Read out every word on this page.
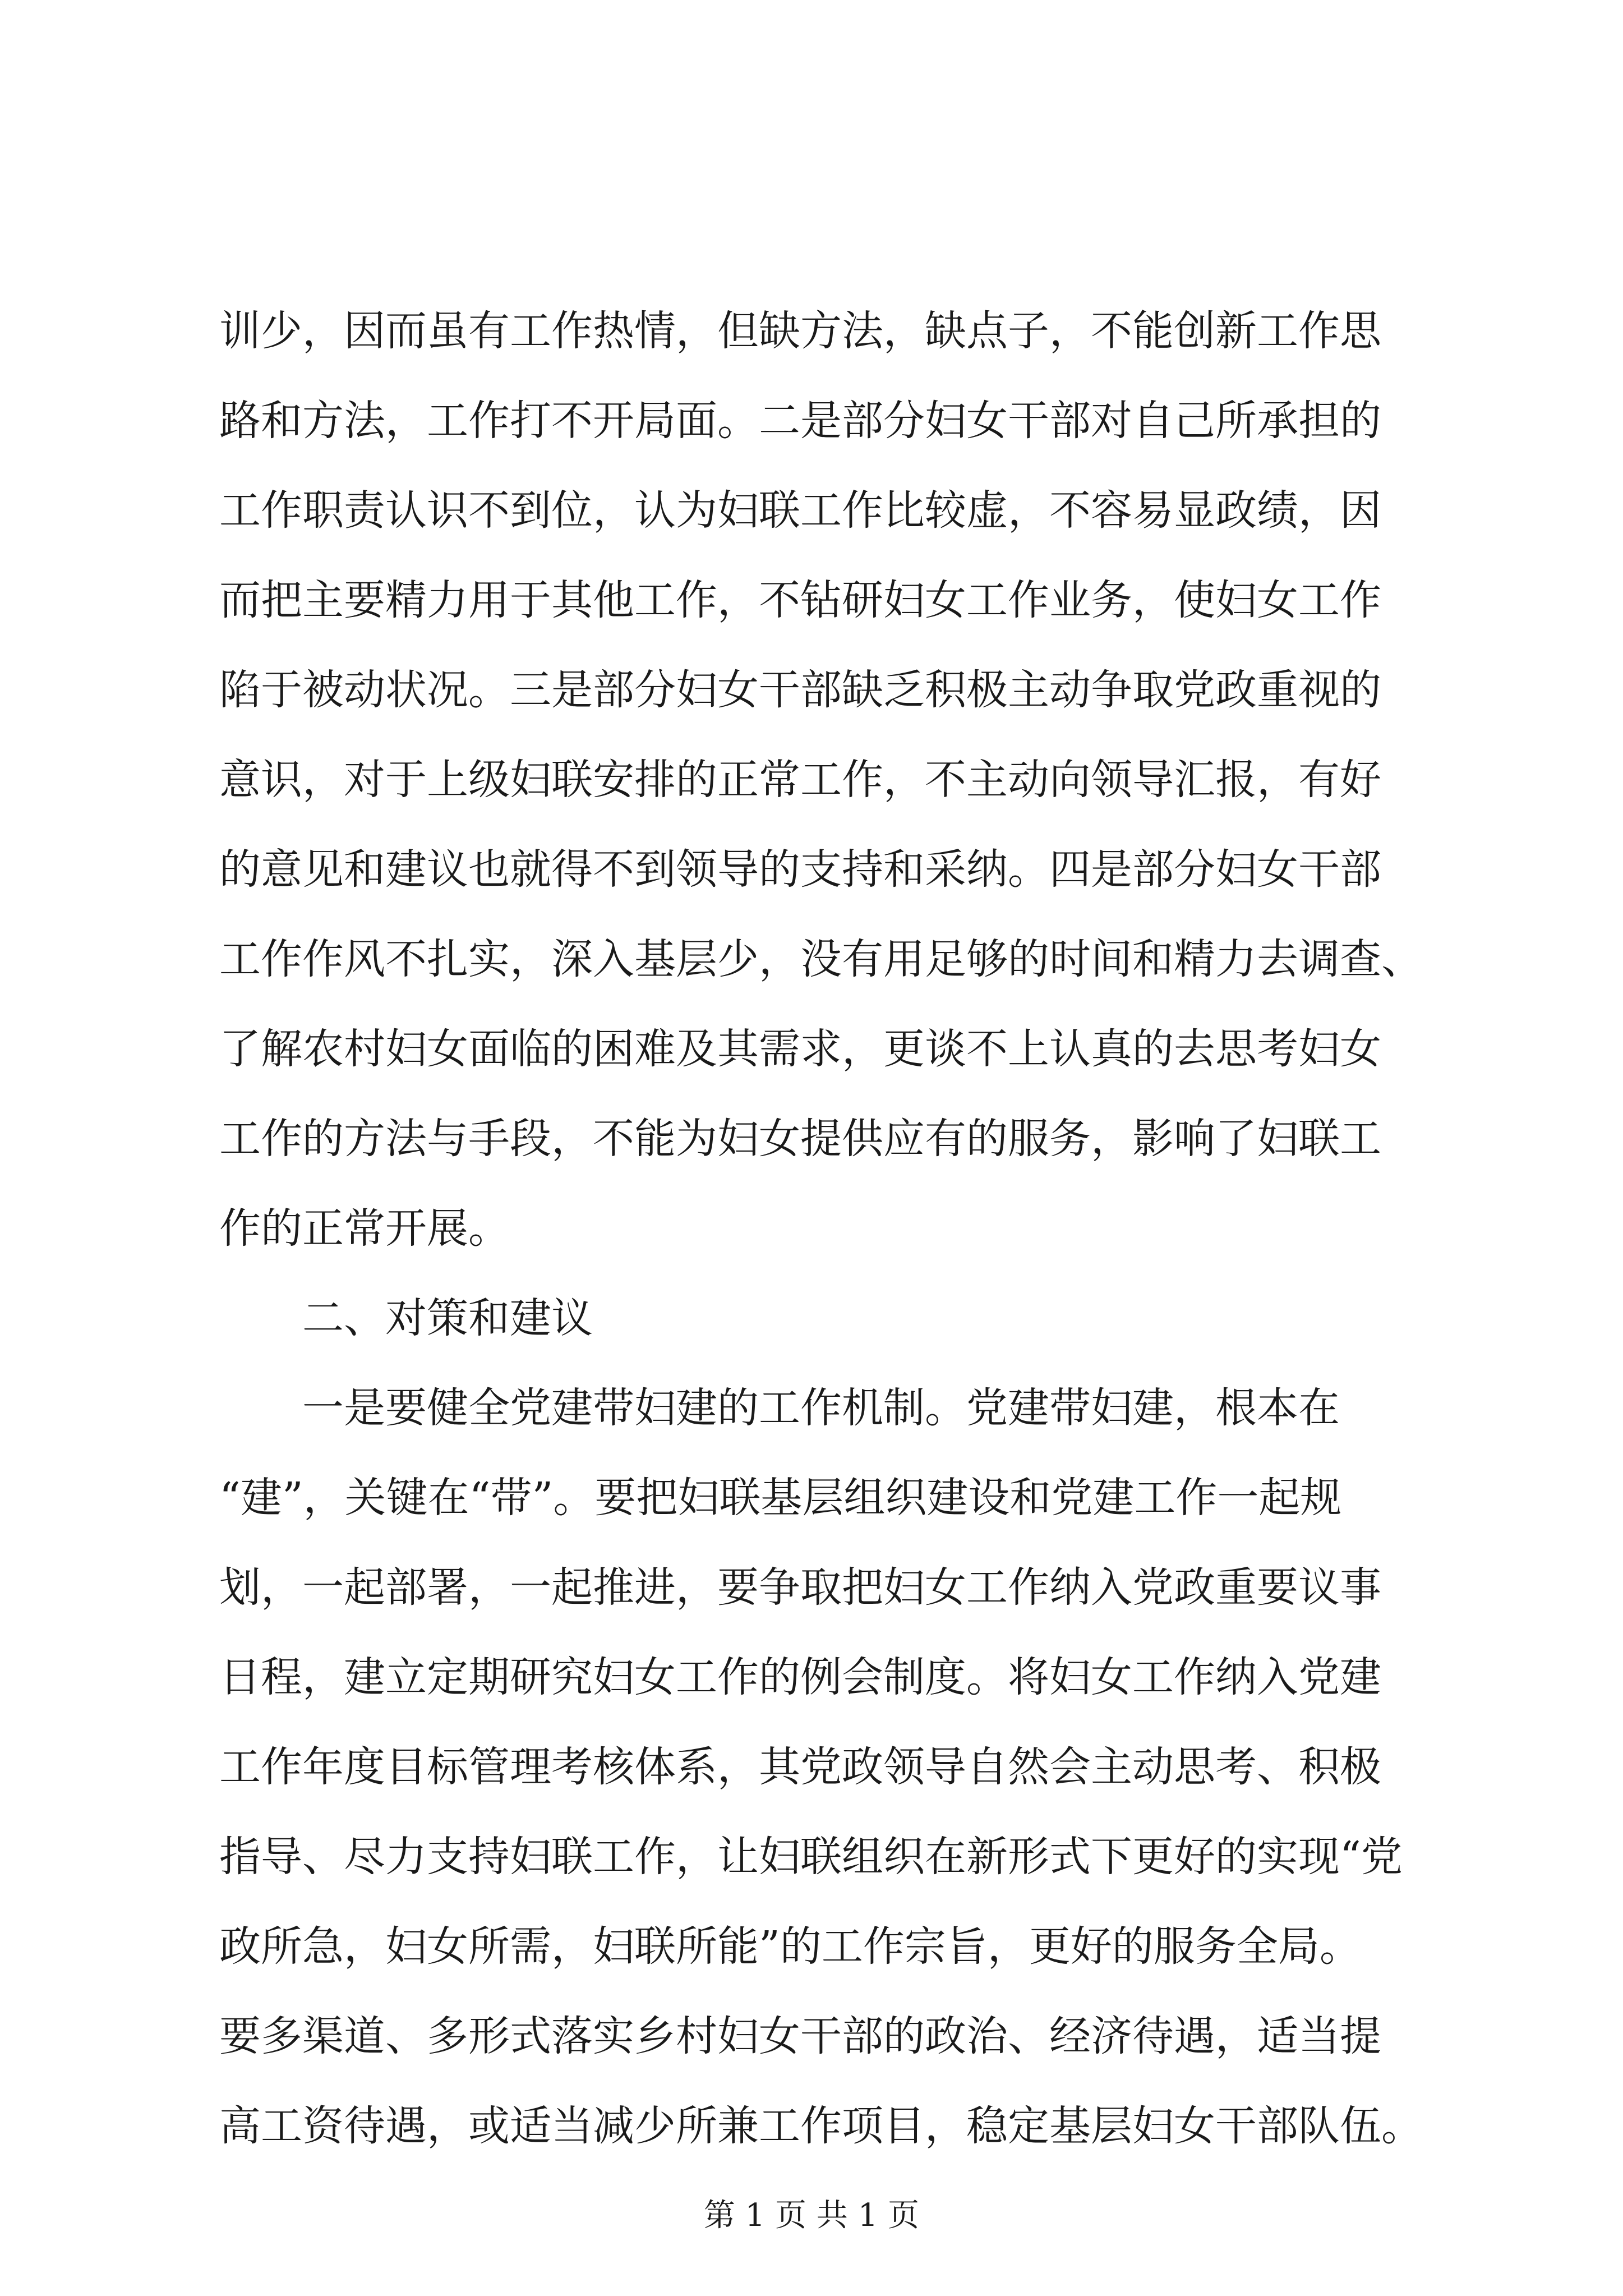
训少，因而虽有工作热情，但缺方法，缺点子，不能创新工作思
路和方法，工作打不开局面。二是部分妇女干部对自己所承担的
工作职责认识不到位，认为妇联工作比较虚，不容易显政绩，因
而把主要精力用于其他工作，不钻研妇女工作业务，使妇女工作
陷于被动状况。三是部分妇女干部缺乏积极主动争取党政重视的
意识，对于上级妇联安排的正常工作，不主动向领导汇报，有好
的意见和建议也就得不到领导的支持和采纳。四是部分妇女干部
工作作风不扎实，深入基层少，没有用足够的时间和精力去调查、
了解农村妇女面临的困难及其需求，更谈不上认真的去思考妇女
工作的方法与手段，不能为妇女提供应有的服务，影响了妇联工
作的正常开展。
二、对策和建议
一是要健全党建带妇建的工作机制。党建带妇建，根本在
“建”，关键在“带”。要把妇联基层组织建设和党建工作一起规
划，一起部署，一起推进，要争取把妇女工作纳入党政重要议事
日程，建立定期研究妇女工作的例会制度。将妇女工作纳入党建
工作年度目标管理考核体系，其党政领导自然会主动思考、积极
指导、尽力支持妇联工作，让妇联组织在新形式下更好的实现“党
政所急，妇女所需，妇联所能”的工作宗旨，更好的服务全局。
要多渠道、多形式落实乡村妇女干部的政治、经济待遇，适当提
高工资待遇，或适当减少所兼工作项目，稳定基层妇女干部队伍。
第 1 页 共 1 页
